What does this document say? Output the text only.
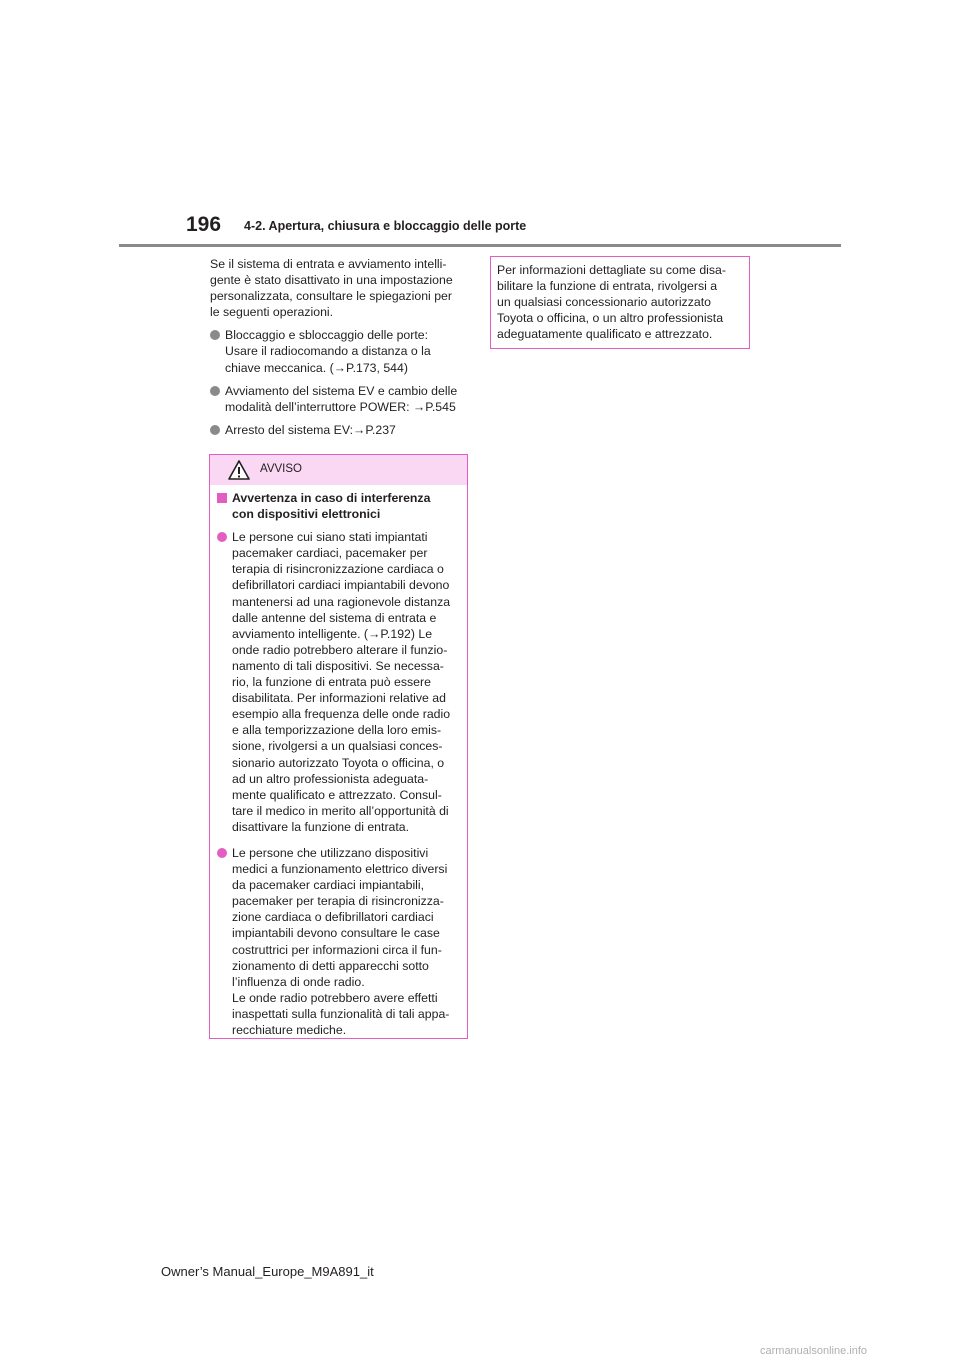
196 4-2. Apertura, chiusura e bloccaggio delle porte

Se il sistema di entrata e avviamento intelli-
gente è stato disattivato in una impostazione
personalizzata, consultare le spiegazioni per
le seguenti operazioni.

Bloccaggio e sbloccaggio delle porte:
Usare il radiocomando a distanza o la
chiave meccanica. (→P.173, 544)
Avviamento del sistema EV e cambio delle
modalità dell’interruttore POWER: →P.545
Arresto del sistema EV:→P.237
AVVISO
Avvertenza in caso di interferenza
con dispositivi elettronici
Le persone cui siano stati impiantati
pacemaker cardiaci, pacemaker per
terapia di risincronizzazione cardiaca o
defibrillatori cardiaci impiantabili devono
mantenersi ad una ragionevole distanza
dalle antenne del sistema di entrata e
avviamento intelligente. (→P.192) Le
onde radio potrebbero alterare il funzio-
namento di tali dispositivi. Se necessa-
rio, la funzione di entrata può essere
disabilitata. Per informazioni relative ad
esempio alla frequenza delle onde radio
e alla temporizzazione della loro emis-
sione, rivolgersi a un qualsiasi conces-
sionario autorizzato Toyota o officina, o
ad un altro professionista adeguata-
mente qualificato e attrezzato. Consul-
tare il medico in merito all’opportunità di
disattivare la funzione di entrata.
Le persone che utilizzano dispositivi
medici a funzionamento elettrico diversi
da pacemaker cardiaci impiantabili,
pacemaker per terapia di risincronizza-
zione cardiaca o defibrillatori cardiaci
impiantabili devono consultare le case
costruttrici per informazioni circa il fun-
zionamento di detti apparecchi sotto
l’influenza di onde radio.
Le onde radio potrebbero avere effetti
inaspettati sulla funzionalità di tali appa-
recchiature mediche.
Per informazioni dettagliate su come disa-
bilitare la funzione di entrata, rivolgersi a
un qualsiasi concessionario autorizzato
Toyota o officina, o un altro professionista
adeguatamente qualificato e attrezzato.
Owner’s Manual_Europe_M9A891_it
carmanualsonline.info
